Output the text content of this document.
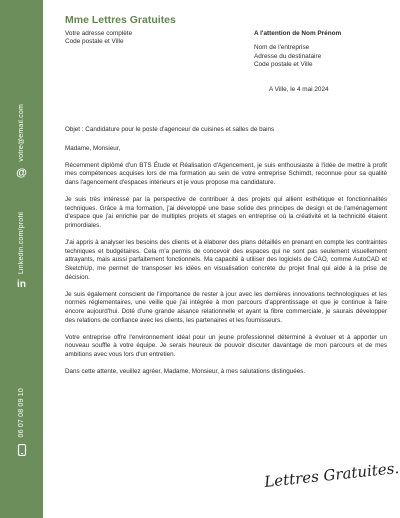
votre@email.com
@
Linkedin.com/profil
in
06 07 08 09 10
Mme Lettres Gratuites
Votre adresse complète
Code postale et Ville
A l'attention de Nom Prénom
Nom de l'entreprise
Adresse du destinataire
Code postale et Ville
A Ville, le 4 mai 2024

Objet : Candidature pour le poste d'agenceur de cuisines et salles de bains

Madame, Monsieur,

Récemment diplômé d'un BTS Étude et Réalisation d'Agencement, je suis enthousiaste à l'idée de mettre à profit mes compétences acquises lors de ma formation au sein de votre entreprise Schimdt, reconnue pour sa qualité dans l'agencement d'espaces intérieurs et je vous propose ma candidature.

Je suis très intéressé par la perspective de contribuer à des projets qui allient esthétique et fonctionnalités techniques. Grâce à ma formation, j'ai développé une base solide des principes de design et de l'aménagement d'espace que j'ai enrichie par de multiples projets et stages en entreprise où la créativité et la technicité étaient primordiales.

J'ai appris à analyser les besoins des clients et à élaborer des plans détaillés en prenant en compte les contraintes techniques et budgétaires. Cela m'a permis de concevoir des espaces qui ne sont pas seulement visuellement attrayants, mais aussi parfaitement fonctionnels. Ma capacité à utiliser des logiciels de CAO, comme AutoCAD et SketchUp, me permet de transposer les idées en visualisation concrète du projet final qui aide à la prise de décision.

Je suis également conscient de l'importance de rester à jour avec les dernières innovations technologiques et les normes réglementaires, une veille que j'ai intégrée à mon parcours d'apprentissage et que je continue à faire encore aujourd'hui. Doté d'une grande aisance relationnelle et ayant la fibre commerciale, je saurais développer des relations de confiance avec les clients, les partenaires et les fournisseurs.

Votre entreprise offre l'environnement idéal pour un jeune professionnel déterminé à évoluer et à apporter un nouveau souffle à votre équipe. Je serais heureux de pouvoir discuter davantage de mon parcours et de mes ambitions avec vous lors d'un entretien.

Dans cette attente, veuillez agréer, Madame, Monsieur, à mes salutations distinguées.

Lettres Gratuites.
